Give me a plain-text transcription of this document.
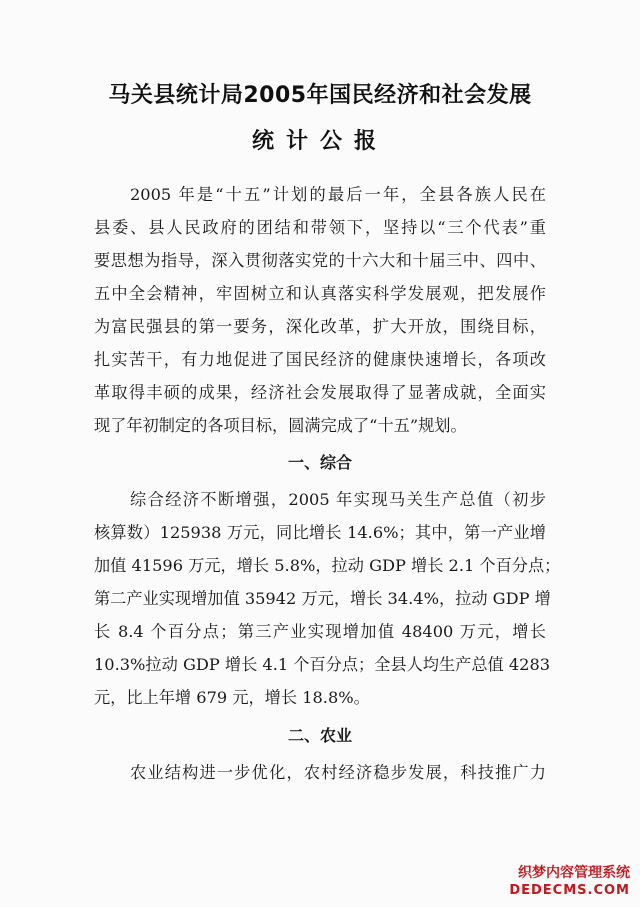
马关县统计局2005年国民经济和社会发展
统计公报
2005 年是“十五”计划的最后一年，全县各族人民在
县委、县人民政府的团结和带领下，坚持以“三个代表”重
要思想为指导，深入贯彻落实党的十六大和十届三中、四中、
五中全会精神，牢固树立和认真落实科学发展观，把发展作
为富民强县的第一要务，深化改革，扩大开放，围绕目标，
扎实苦干，有力地促进了国民经济的健康快速增长，各项改
革取得丰硕的成果，经济社会发展取得了显著成就，全面实
现了年初制定的各项目标，圆满完成了“十五”规划。
一、综合
综合经济不断增强，2005 年实现马关生产总值（初步
核算数）125938 万元，同比增长 14.6%；其中，第一产业增
加值 41596 万元，增长 5.8%，拉动 GDP 增长 2.1 个百分点；
第二产业实现增加值 35942 万元，增长 34.4%，拉动 GDP 增
长 8.4 个百分点；第三产业实现增加值 48400 万元，增长
10.3%拉动 GDP 增长 4.1 个百分点；全县人均生产总值 4283
元，比上年增 679 元，增长 18.8%。
二、农业
农业结构进一步优化，农村经济稳步发展，科技推广力
织梦内容管理系统
DEDECMS.COM
